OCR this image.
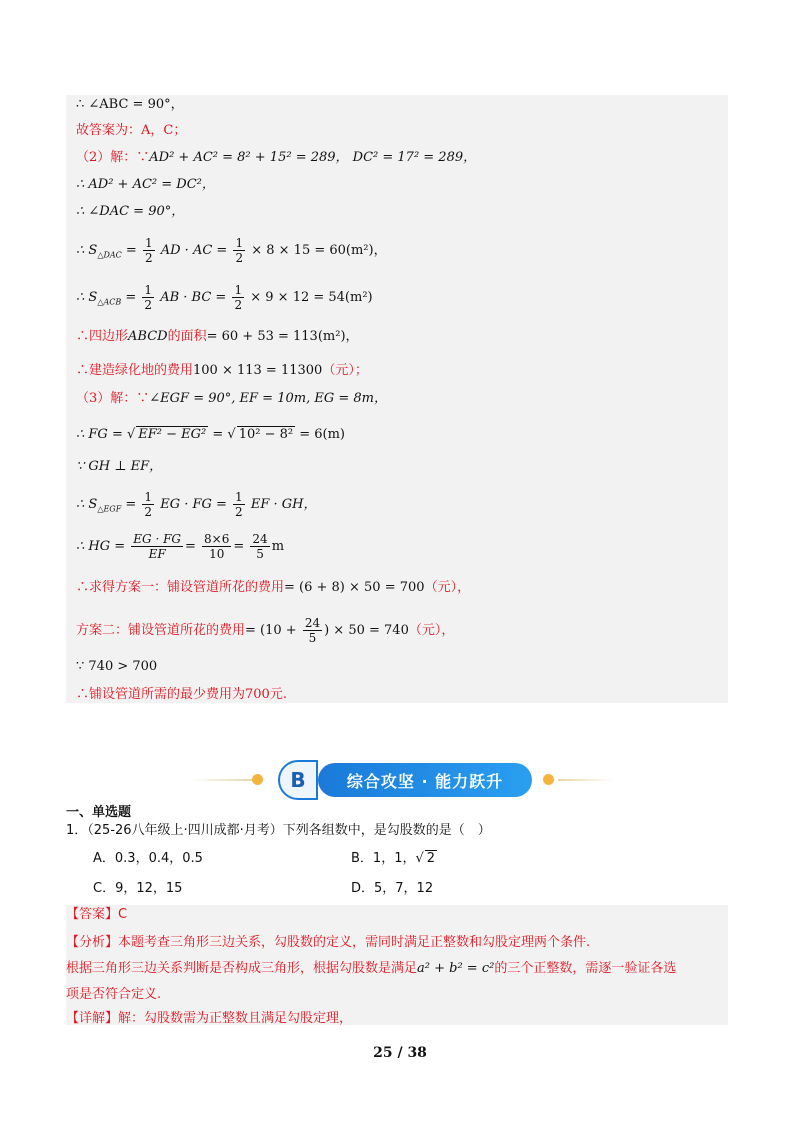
∴ ∠ABC = 90°，
故答案为：A，C；
（2）解：∵AD² + AC² = 8² + 15² = 289， DC² = 17² = 289，
∴ AD² + AC² = DC²，
∴ ∠DAC = 90°，
∴ $S_{\triangle DAC} = \frac{1}{2}$ AD · AC = $\frac{1}{2} \times 8 \times 15 = 60(m^2)$，
∴ $S_{\triangle ACB} = \frac{1}{2}$ AB · BC = $\frac{1}{2} \times 9 \times 12 = 54(m^2)$
∴四边形ABCD的面积= 60 + 53 = 113(m²)，
∴建造绿化地的费用100 × 113 = 11300（元）；
（3）解：∵∠EGF = 90°, EF = 10m, EG = 8m，
∴ FG = √ EF² − EG² = √ 10² − 8² = 6(m)
∵ GH ⊥ EF，
∴ $S_{\triangle EGF} = \frac{1}{2}$ EG · FG = $\frac{1}{2}$ EF · GH，
∴ HG = $\frac{EG \cdot FG}{EF} = \frac{8\times 6}{10} = \frac{24}{5}$ m
∴求得方案一：铺设管道所花的费用= (6 + 8) × 50 = 700（元），
方案二：铺设管道所花的费用= ($10 + \frac{24}{5}$ ) × 50 = 740（元），
∵ 740 > 700
∴铺设管道所需的最少费用为700元.
B	综合攻坚 · 能力跃升
一、单选题
1．（25-26八年级上·四川成都·月考）下列各组数中，是勾股数的是（　）
A．0.3，0.4，0.5	B．1，1，√ 2
C．9，12，15	D．5，7，12
【答案】C
【分析】本题考查三角形三边关系，勾股数的定义，需同时满足正整数和勾股定理两个条件.
根据三角形三边关系判断是否构成三角形，根据勾股数是满足a² + b² = c²的三个正整数，需逐一验证各选
项是否符合定义.
【详解】解：勾股数需为正整数且满足勾股定理，
25 / 38
